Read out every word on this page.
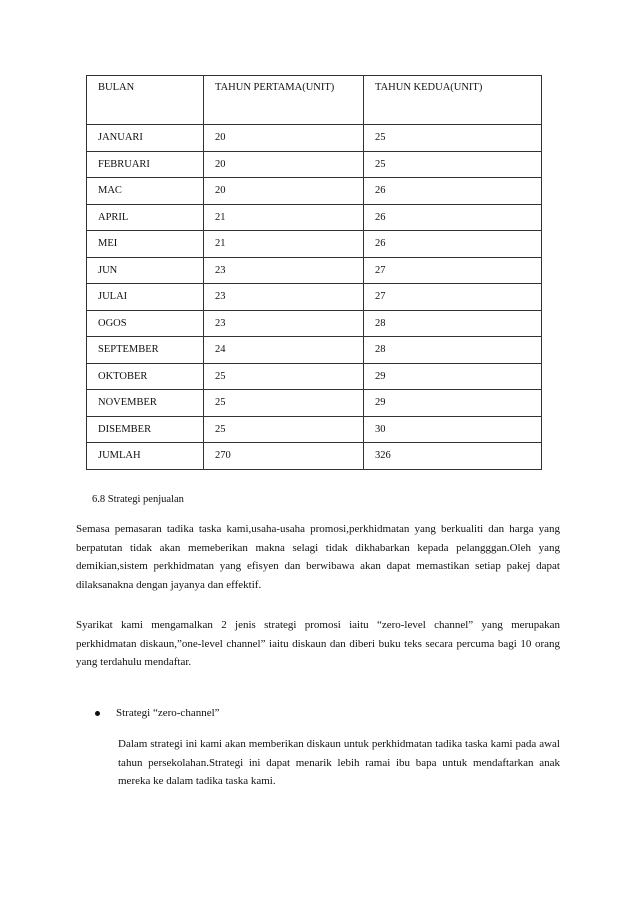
BULAN	TAHUN PERTAMA(UNIT)	TAHUN KEDUA(UNIT)
JANUARI	20	25
FEBRUARI	20	25
MAC	20	26
APRIL	21	26
MEI	21	26
JUN	23	27
JULAI	23	27
OGOS	23	28
SEPTEMBER	24	28
OKTOBER	25	29
NOVEMBER	25	29
DISEMBER	25	30
JUMLAH	270	326

6.8 Strategi penjualan

Semasa pemasaran tadika taska kami,usaha-usaha promosi,perkhidmatan yang berkualiti dan harga yang berpatutan tidak akan memeberikan makna selagi tidak dikhabarkan kepada pelangggan.Oleh yang demikian,sistem perkhidmatan yang efisyen dan berwibawa akan dapat memastikan setiap pakej dapat dilaksanakna dengan jayanya dan effektif.

Syarikat kami mengamalkan 2 jenis strategi promosi iaitu “zero-level channel” yang merupakan perkhidmatan diskaun,”one-level channel” iaitu diskaun dan diberi buku teks secara percuma bagi 10 orang yang terdahulu mendaftar.

Strategi “zero-channel”

Dalam strategi ini kami akan memberikan diskaun untuk perkhidmatan tadika taska kami pada awal tahun persekolahan.Strategi ini dapat menarik lebih ramai ibu bapa untuk mendaftarkan anak mereka ke dalam tadika taska kami.
